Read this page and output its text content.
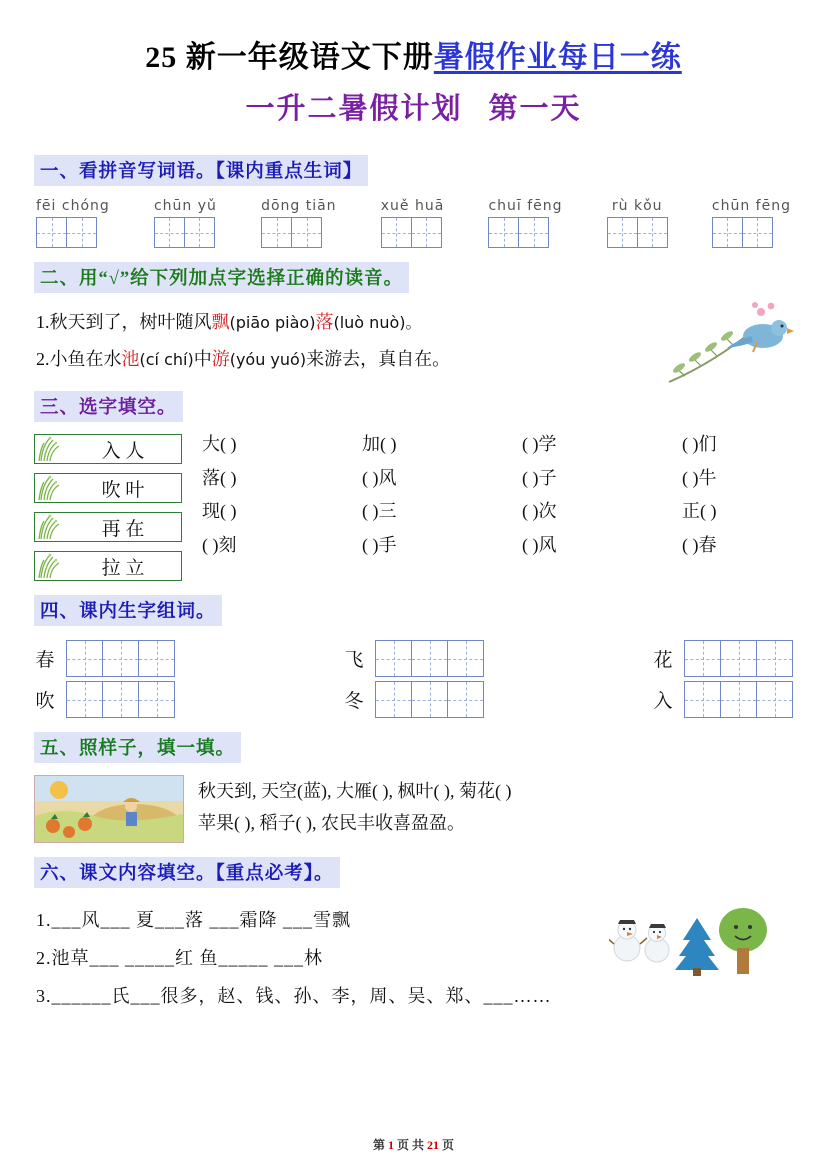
25 新一年级语文下册暑假作业每日一练
一升二暑假计划 第一天
一、看拼音写词语。【课内重点生词】
fēi chóng	chūn yǔ	dōng tiān	xuě huā	chuī fēng	rù kǒu	chūn fēng
二、用“√”给下列加点字选择正确的读音。
1.秋天到了，树叶随风飘(piāo piào)落(luò nuò)。
2.小鱼在水池(cí chí)中游(yóu yuó)来游去，真自在。
三、选字填空。
入 人
吹 叶
再 在
拉 立
大( )	加( )	( )学	( )们
落( )	( )风	( )子	( )牛
现( )	( )三	( )次	正( )
( )刻	( )手	( )风	( )春
四、课内生字组词。
春	飞	花
吹	冬	入
五、照样子，填一填。
秋天到, 天空(蓝), 大雁( ), 枫叶( ), 菊花( )
苹果( ), 稻子( ), 农民丰收喜盈盈。
六、课文内容填空。【重点必考】。
1.___风___ 夏___落 ___霜降 ___雪飘
2.池草___ _____红 鱼_____ ___林
3.______氏___很多，赵、钱、孙、李，周、吴、郑、___……
第 1 页 共 21 页
